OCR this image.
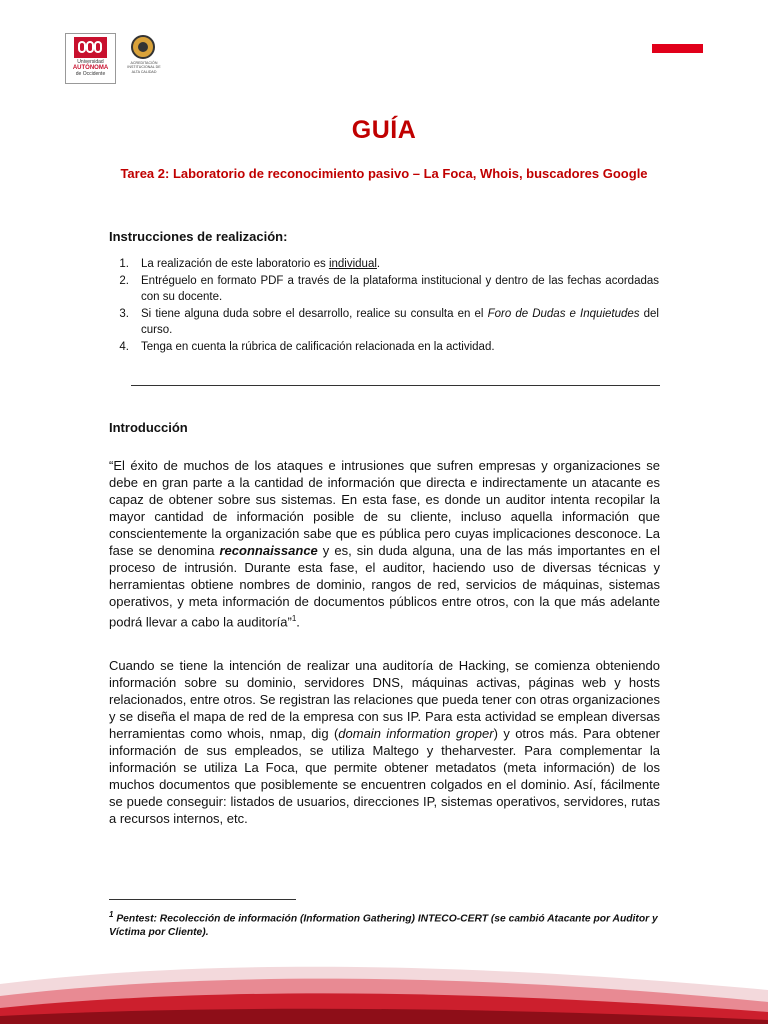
Universidad
AUTÓNOMA
de Occidente
ACREDITACIÓN INSTITUCIONAL DE ALTA CALIDAD
GUÍA
Tarea 2: Laboratorio de reconocimiento pasivo – La Foca, Whois, buscadores Google
Instrucciones de realización:
1. La realización de este laboratorio es individual.
2. Entréguelo en formato PDF a través de la plataforma institucional y dentro de las fechas acordadas con su docente.
3. Si tiene alguna duda sobre el desarrollo, realice su consulta en el Foro de Dudas e Inquietudes del curso.
4. Tenga en cuenta la rúbrica de calificación relacionada en la actividad.
Introducción

“El éxito de muchos de los ataques e intrusiones que sufren empresas y organizaciones se debe en gran parte a la cantidad de información que directa e indirectamente un atacante es capaz de obtener sobre sus sistemas. En esta fase, es donde un auditor intenta recopilar la mayor cantidad de información posible de su cliente, incluso aquella información que conscientemente la organización sabe que es pública pero cuyas implicaciones desconoce. La fase se denomina reconnaissance y es, sin duda alguna, una de las más importantes en el proceso de intrusión. Durante esta fase, el auditor, haciendo uso de diversas técnicas y herramientas obtiene nombres de dominio, rangos de red, servicios de máquinas, sistemas operativos, y meta información de documentos públicos entre otros, con la que más adelante podrá llevar a cabo la auditoría”$^1$.

Cuando se tiene la intención de realizar una auditoría de Hacking, se comienza obteniendo información sobre su dominio, servidores DNS, máquinas activas, páginas web y hosts relacionados, entre otros. Se registran las relaciones que pueda tener con otras organizaciones y se diseña el mapa de red de la empresa con sus IP. Para esta actividad se emplean diversas herramientas como whois, nmap, dig (domain information groper) y otros más. Para obtener información de sus empleados, se utiliza Maltego y theharvester. Para complementar la información se utiliza La Foca, que permite obtener metadatos (meta información) de los muchos documentos que posiblemente se encuentren colgados en el dominio. Así, fácilmente se puede conseguir: listados de usuarios, direcciones IP, sistemas operativos, servidores, rutas a recursos internos, etc.

$^1$ Pentest: Recolección de información (Information Gathering) INTECO-CERT (se cambió Atacante por Auditor y Víctima por Cliente).
